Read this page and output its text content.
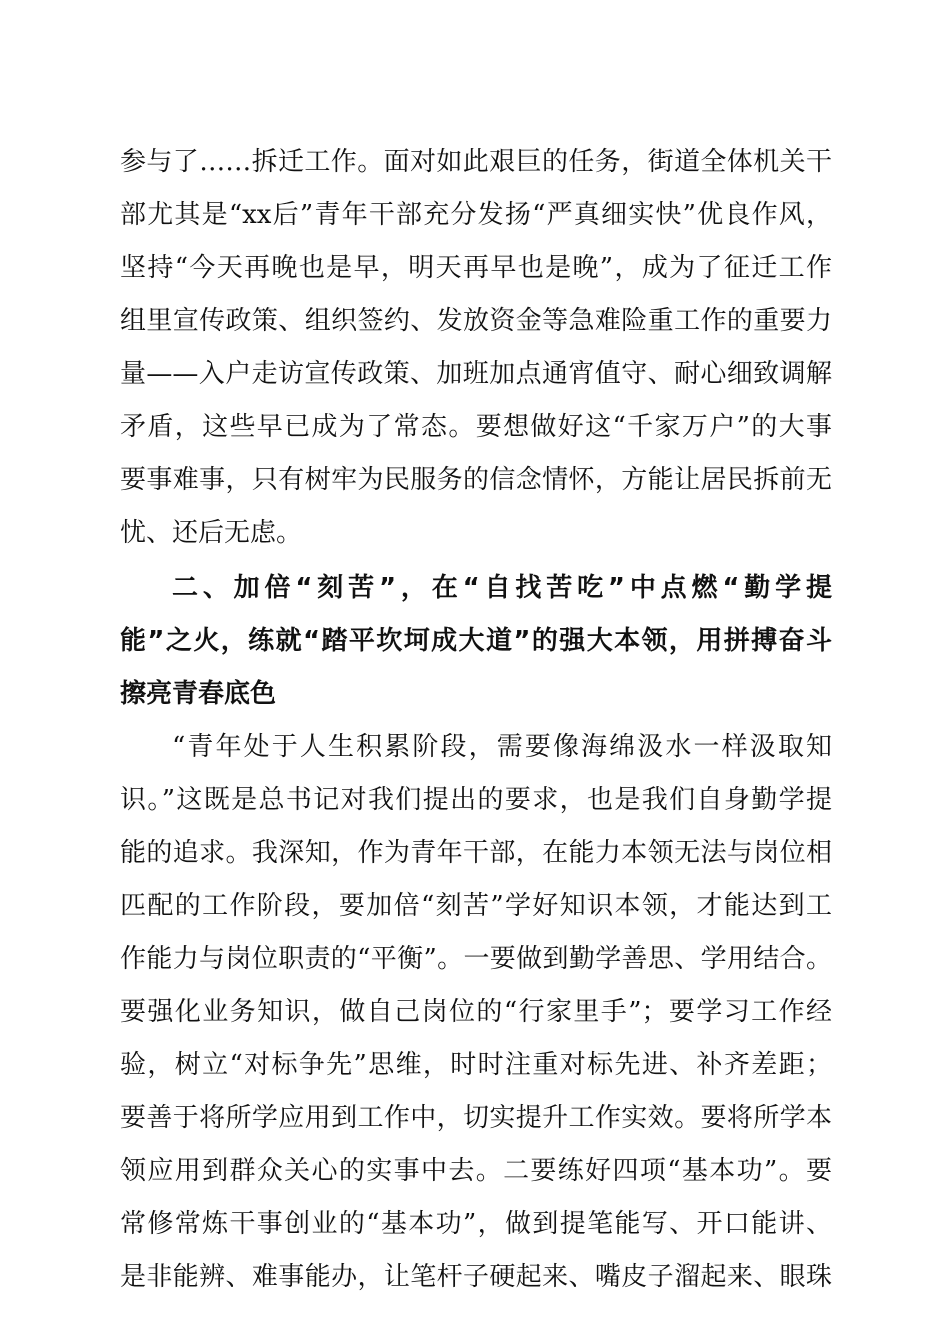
参与了……拆迁工作。面对如此艰巨的任务，街道全体机关干
部尤其是“xx后”青年干部充分发扬“严真细实快”优良作风，
坚持“今天再晚也是早，明天再早也是晚”，成为了征迁工作
组里宣传政策、组织签约、发放资金等急难险重工作的重要力
量——入户走访宣传政策、加班加点通宵值守、耐心细致调解
矛盾，这些早已成为了常态。要想做好这“千家万户”的大事
要事难事，只有树牢为民服务的信念情怀，方能让居民拆前无
忧、还后无虑。
二、加倍“刻苦”，在“自找苦吃”中点燃“勤学提
能”之火，练就“踏平坎坷成大道”的强大本领，用拼搏奋斗
擦亮青春底色
“青年处于人生积累阶段，需要像海绵汲水一样汲取知
识。”这既是总书记对我们提出的要求，也是我们自身勤学提
能的追求。我深知，作为青年干部，在能力本领无法与岗位相
匹配的工作阶段，要加倍“刻苦”学好知识本领，才能达到工
作能力与岗位职责的“平衡”。一要做到勤学善思、学用结合。
要强化业务知识，做自己岗位的“行家里手”；要学习工作经
验，树立“对标争先”思维，时时注重对标先进、补齐差距；
要善于将所学应用到工作中，切实提升工作实效。要将所学本
领应用到群众关心的实事中去。二要练好四项“基本功”。要
常修常炼干事创业的“基本功”，做到提笔能写、开口能讲、
是非能辨、难事能办，让笔杆子硬起来、嘴皮子溜起来、眼珠
